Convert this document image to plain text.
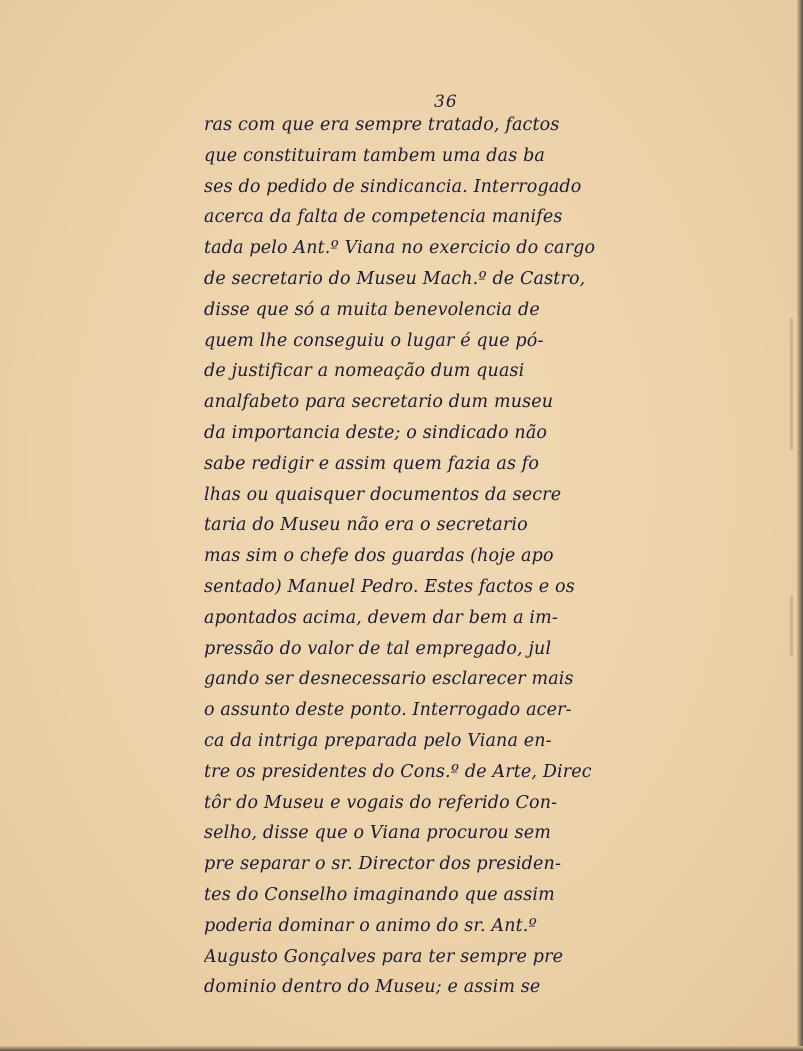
36
ras com que era sempre tratado, factos
que constituiram tambem uma das ba
ses do pedido de sindicancia. Interrogado
acerca da falta de competencia manifes
tada pelo Ant.º Viana no exercicio do cargo
de secretario do Museu Mach.º de Castro,
disse que só a muita benevolencia de
quem lhe conseguiu o lugar é que pó-
de justificar a nomeação dum quasi
analfabeto para secretario dum museu
da importancia deste; o sindicado não
sabe redigir e assim quem fazia as fo
lhas ou quaisquer documentos da secre
taria do Museu não era o secretario
mas sim o chefe dos guardas (hoje apo
sentado) Manuel Pedro. Estes factos e os
apontados acima, devem dar bem a im-
pressão do valor de tal empregado, jul
gando ser desnecessario esclarecer mais
o assunto deste ponto. Interrogado acer-
ca da intriga preparada pelo Viana en-
tre os presidentes do Cons.º de Arte, Direc
tôr do Museu e vogais do referido Con-
selho, disse que o Viana procurou sem
pre separar o sr. Director dos presiden-
tes do Conselho imaginando que assim
poderia dominar o animo do sr. Ant.º
Augusto Gonçalves para ter sempre pre
dominio dentro do Museu; e assim se
